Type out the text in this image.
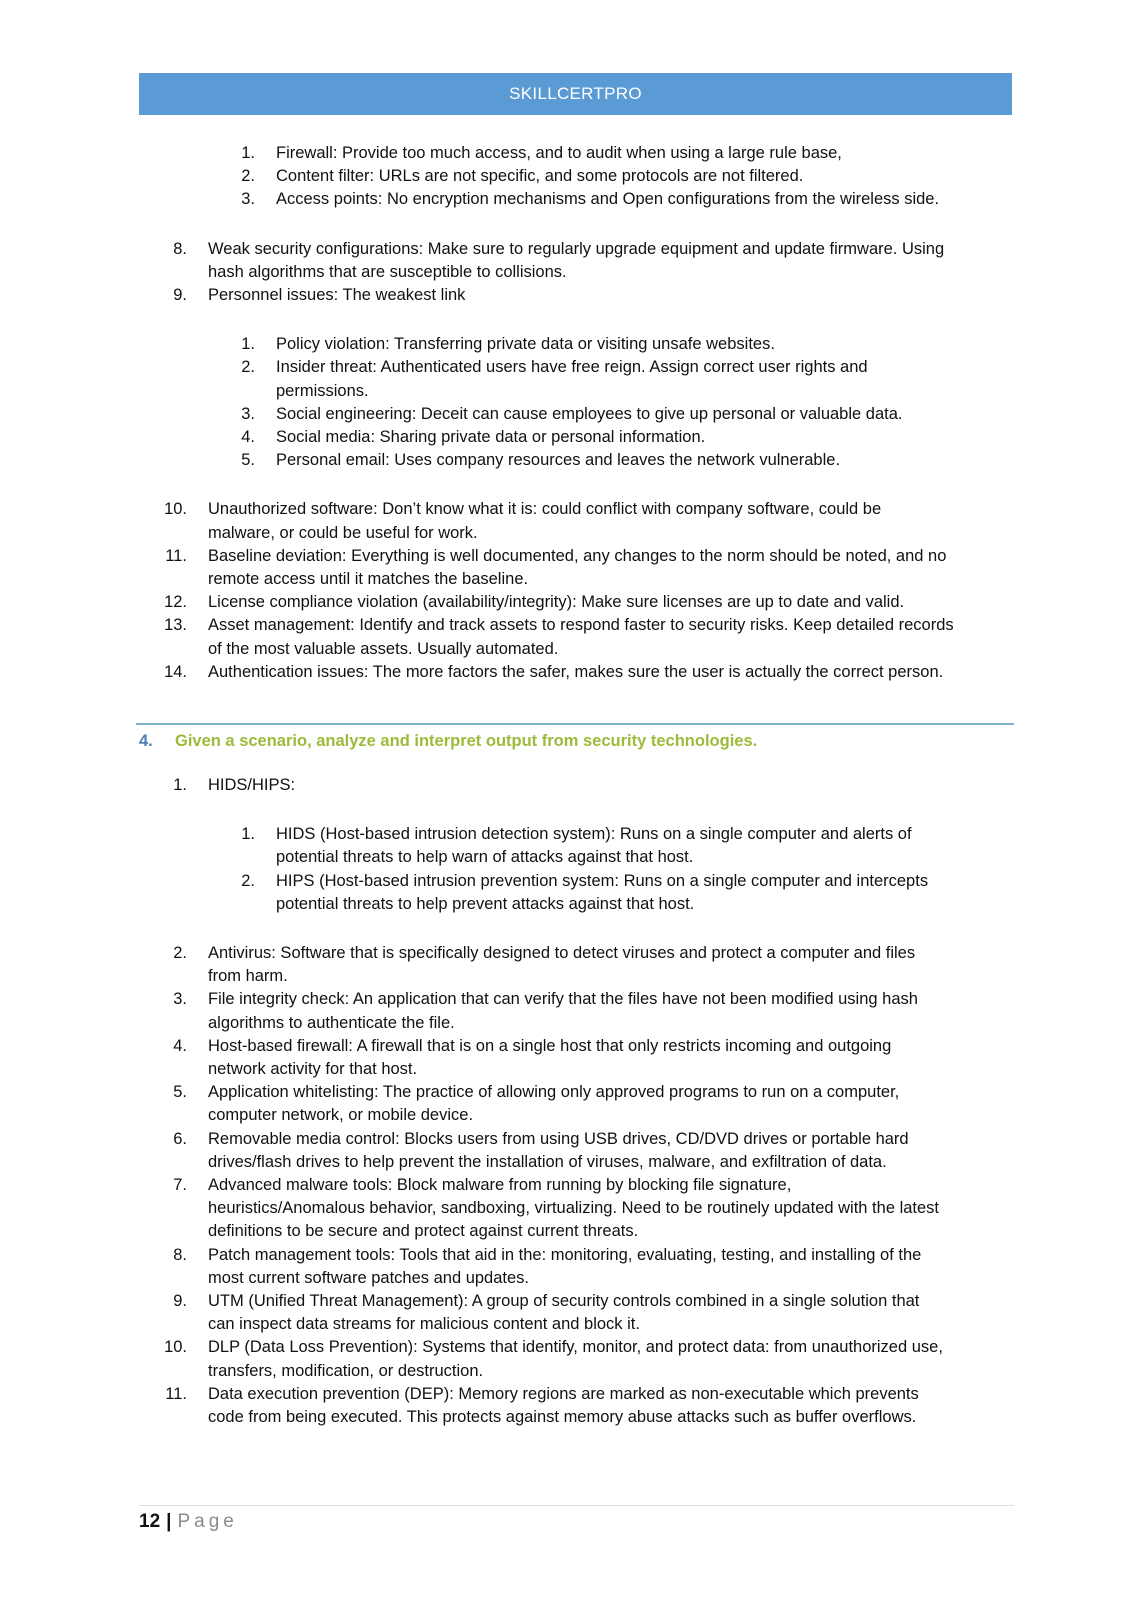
SKILLCERTPRO
1. Firewall: Provide too much access, and to audit when using a large rule base,
2. Content filter: URLs are not specific, and some protocols are not filtered.
3. Access points: No encryption mechanisms and Open configurations from the wireless side.
8. Weak security configurations: Make sure to regularly upgrade equipment and update firmware. Using
hash algorithms that are susceptible to collisions.
9. Personnel issues: The weakest link
1. Policy violation: Transferring private data or visiting unsafe websites.
2. Insider threat: Authenticated users have free reign. Assign correct user rights and
permissions.
3. Social engineering: Deceit can cause employees to give up personal or valuable data.
4. Social media: Sharing private data or personal information.
5. Personal email: Uses company resources and leaves the network vulnerable.
10. Unauthorized software: Don’t know what it is: could conflict with company software, could be
malware, or could be useful for work.
11. Baseline deviation: Everything is well documented, any changes to the norm should be noted, and no
remote access until it matches the baseline.
12. License compliance violation (availability/integrity): Make sure licenses are up to date and valid.
13. Asset management: Identify and track assets to respond faster to security risks. Keep detailed records
of the most valuable assets. Usually automated.
14. Authentication issues: The more factors the safer, makes sure the user is actually the correct person.
4. Given a scenario, analyze and interpret output from security technologies.
1. HIDS/HIPS:
1. HIDS (Host-based intrusion detection system): Runs on a single computer and alerts of
potential threats to help warn of attacks against that host.
2. HIPS (Host-based intrusion prevention system: Runs on a single computer and intercepts
potential threats to help prevent attacks against that host.
2. Antivirus: Software that is specifically designed to detect viruses and protect a computer and files
from harm.
3. File integrity check: An application that can verify that the files have not been modified using hash
algorithms to authenticate the file.
4. Host-based firewall: A firewall that is on a single host that only restricts incoming and outgoing
network activity for that host.
5. Application whitelisting: The practice of allowing only approved programs to run on a computer,
computer network, or mobile device.
6. Removable media control: Blocks users from using USB drives, CD/DVD drives or portable hard
drives/flash drives to help prevent the installation of viruses, malware, and exfiltration of data.
7. Advanced malware tools: Block malware from running by blocking file signature,
heuristics/Anomalous behavior, sandboxing, virtualizing. Need to be routinely updated with the latest
definitions to be secure and protect against current threats.
8. Patch management tools: Tools that aid in the: monitoring, evaluating, testing, and installing of the
most current software patches and updates.
9. UTM (Unified Threat Management): A group of security controls combined in a single solution that
can inspect data streams for malicious content and block it.
10. DLP (Data Loss Prevention): Systems that identify, monitor, and protect data: from unauthorized use,
transfers, modification, or destruction.
11. Data execution prevention (DEP): Memory regions are marked as non-executable which prevents
code from being executed. This protects against memory abuse attacks such as buffer overflows.
12 | Page
